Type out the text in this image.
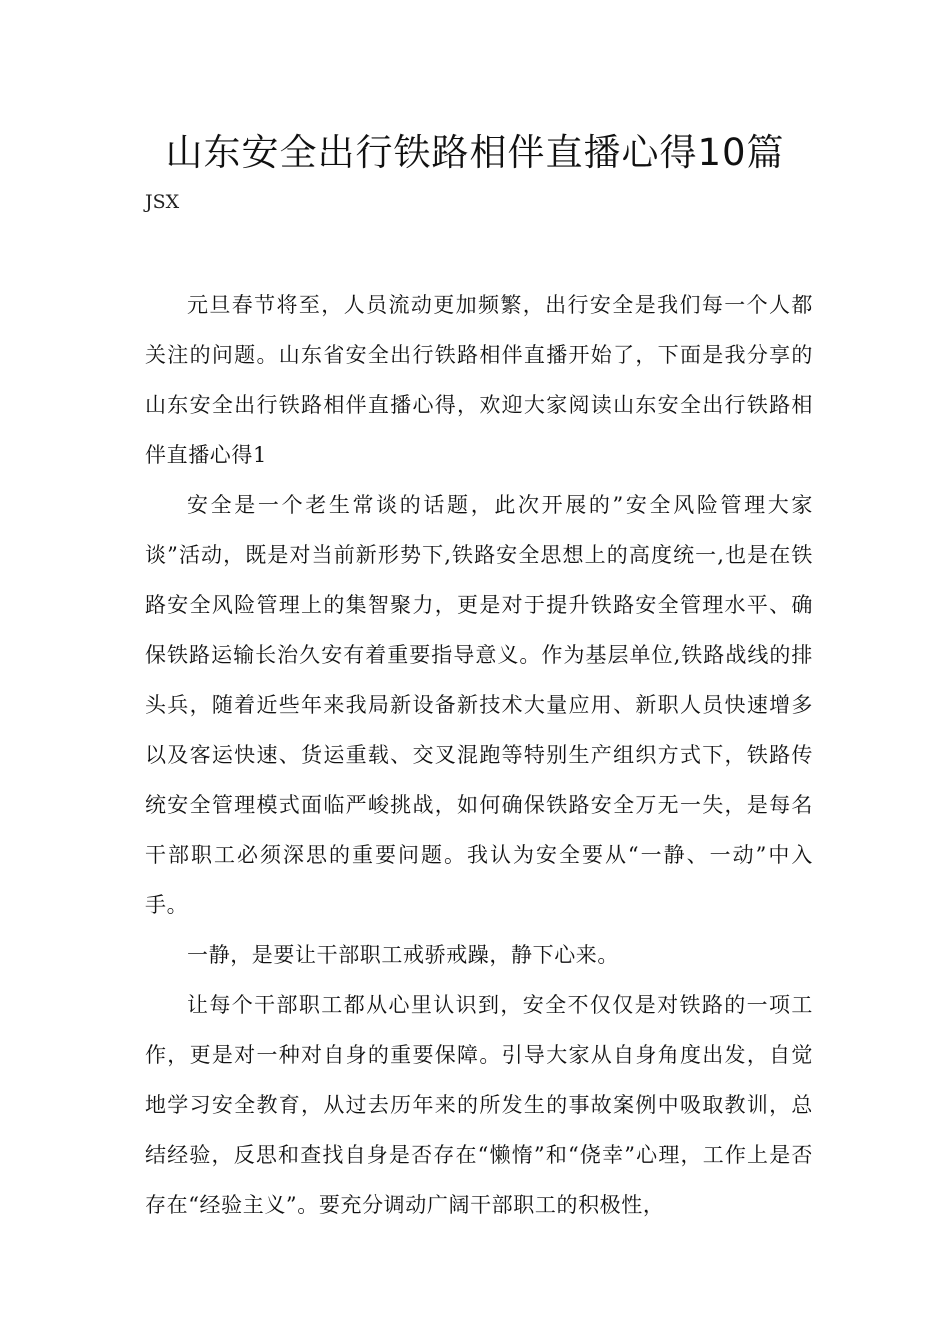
山东安全出行铁路相伴直播心得10篇
JSX

元旦春节将至，人员流动更加频繁，出行安全是我们每一个人都关注的问题。山东省安全出行铁路相伴直播开始了，下面是我分享的山东安全出行铁路相伴直播心得，欢迎大家阅读山东安全出行铁路相伴直播心得1

安全是一个老生常谈的话题，此次开展的”安全风险管理大家谈”活动，既是对当前新形势下,铁路安全思想上的高度统一,也是在铁路安全风险管理上的集智聚力，更是对于提升铁路安全管理水平、确保铁路运输长治久安有着重要指导意义。作为基层单位,铁路战线的排头兵，随着近些年来我局新设备新技术大量应用、新职人员快速增多以及客运快速、货运重载、交叉混跑等特别生产组织方式下，铁路传统安全管理模式面临严峻挑战，如何确保铁路安全万无一失，是每名干部职工必须深思的重要问题。我认为安全要从“一静、一动”中入手。

一静，是要让干部职工戒骄戒躁，静下心来。

让每个干部职工都从心里认识到，安全不仅仅是对铁路的一项工作，更是对一种对自身的重要保障。引导大家从自身角度出发，自觉地学习安全教育，从过去历年来的所发生的事故案例中吸取教训，总结经验，反思和查找自身是否存在“懒惰”和“侥幸”心理，工作上是否存在“经验主义”。要充分调动广阔干部职工的积极性，
